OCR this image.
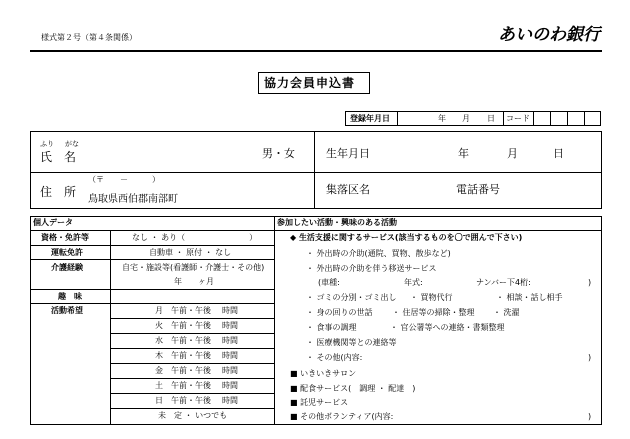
様式第２号（第４条関係）	あいのわ銀行
協力会員申込書
登録年月日	年 月 日 コード
ふり がな
氏　名	男・女	生年月日	年	月	日
（〒　　－　　　）
住　所
鳥取県西伯郡南部町
集落区名	電話番号
個人データ
資格・免許等	なし ・ あり（　　　　　　　　）
運転免許	自動車 ・ 原付 ・ なし
介護経験	自宅・施設等(看護師・介護士・その他)
年　　ヶ月
趣　味
活動希望	月 午前・午後 時間
火 午前・午後 時間
水 午前・午後 時間
木 午前・午後 時間
金 午前・午後 時間
土 午前・午後 時間
日 午前・午後 時間
未　定 ・ いつでも
参加したい活動・興味のある活動
◆ 生活支援に関するサービス(該当するものを〇で囲んで下さい)
・ 外出時の介助(通院、買物、散歩など)
・ 外出時の介助を伴う移送サービス
(車種:	年式:	ナンバー下4桁:	)
・ ゴミの分別・ゴミ出し ・ 買物代行	・ 相談・話し相手
・ 身の回りの世話 ・ 住居等の掃除・整理 ・ 洗濯
・ 食事の調理	・ 官公署等への連絡・書類整理
・ 医療機関等との連絡等
・ その他(内容:	)
■ いきいきサロン
■ 配食サービス(　調理 ・ 配達　)
■ 託児サービス
■ その他ボランティア(内容:	)
